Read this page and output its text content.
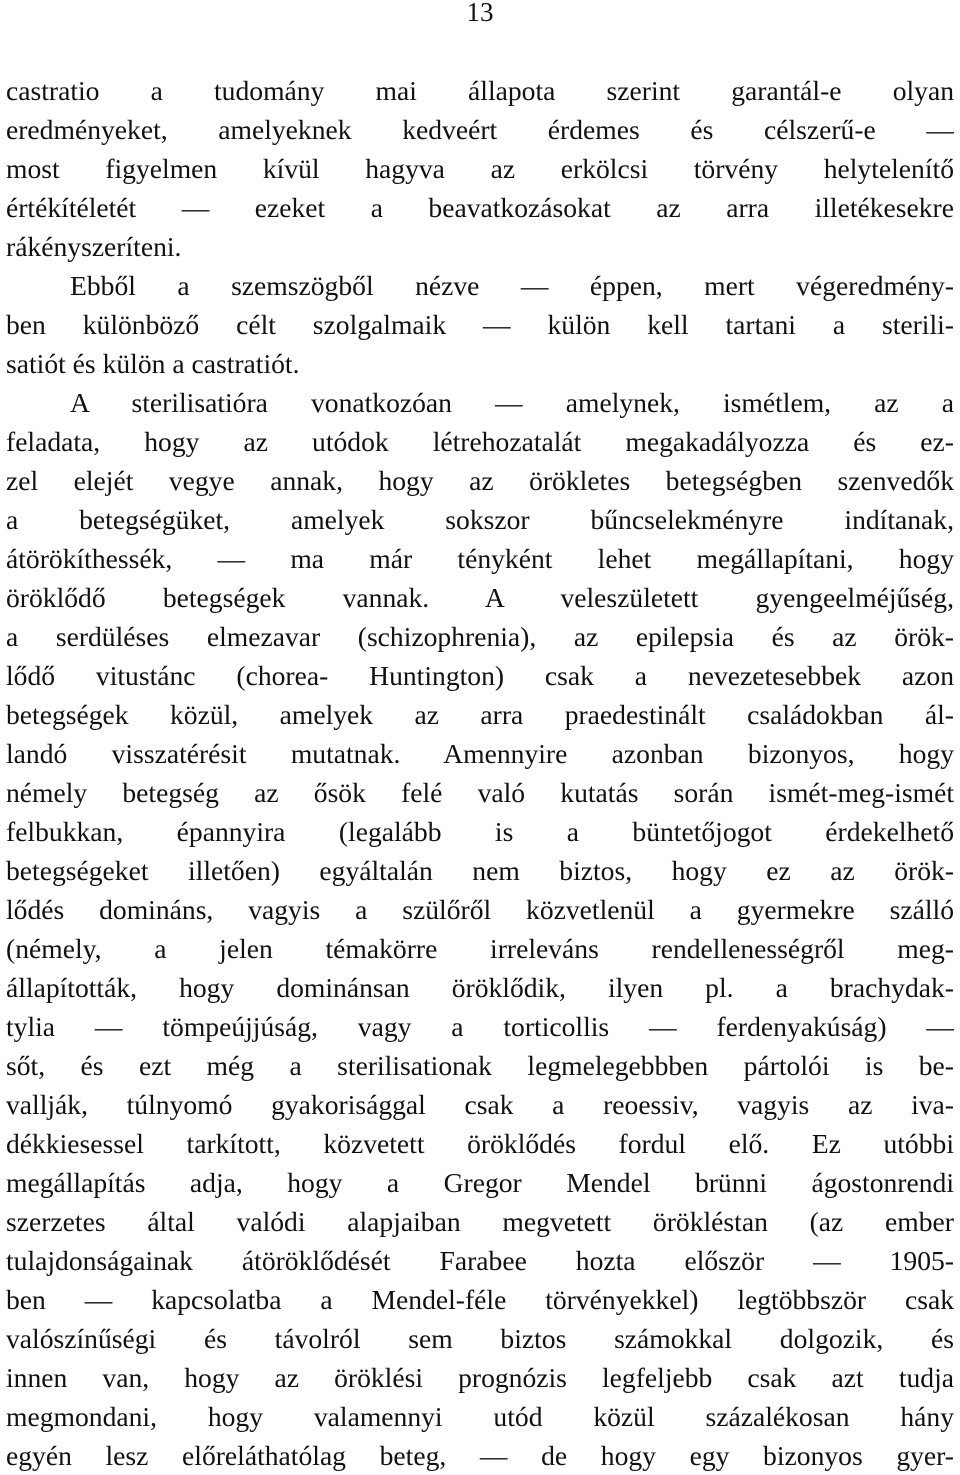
13
castratio a tudomány mai állapota szerint garantál-e olyan
eredményeket, amelyeknek kedveért érdemes és célszerű-e —
most figyelmen kívül hagyva az erkölcsi törvény helytelenítő
értékítéletét — ezeket a beavatkozásokat az arra illetékesekre
rákényszeríteni.
Ebből a szemszögből nézve — éppen, mert végeredmény-
ben különböző célt szolgalmaik — külön kell tartani a sterili-
satiót és külön a castratiót.
A sterilisatióra vonatkozóan — amelynek, ismétlem, az a
feladata, hogy az utódok létrehozatalát megakadályozza és ez-
zel elejét vegye annak, hogy az örökletes betegségben szenvedők
a betegségüket, amelyek sokszor bűncselekményre indítanak,
átörökíthessék, — ma már tényként lehet megállapítani, hogy
öröklődő betegségek vannak. A veleszületett gyengeelméjűség,
a serdüléses elmezavar (schizophrenia), az epilepsia és az örök-
lődő vitustánc (chorea- Huntington) csak a nevezetesebbek azon
betegségek közül, amelyek az arra praedestinált családokban ál-
landó visszatérésit mutatnak. Amennyire azonban bizonyos, hogy
némely betegség az ősök felé való kutatás során ismét-meg-ismét
felbukkan, épannyira (legalább is a büntetőjogot érdekelhető
betegségeket illetően) egyáltalán nem biztos, hogy ez az örök-
lődés domináns, vagyis a szülőről közvetlenül a gyermekre szálló
(némely, a jelen témakörre irreleváns rendellenességről meg-
állapították, hogy dominánsan öröklődik, ilyen pl. a brachydak-
tylia — tömpeújjúság, vagy a torticollis — ferdenyakúság) —
sőt, és ezt még a sterilisationak legmelegebbben pártolói is be-
vallják, túlnyomó gyakorisággal csak a reoessiv, vagyis az iva-
dékkiesessel tarkított, közvetett öröklődés fordul elő. Ez utóbbi
megállapítás adja, hogy a Gregor Mendel brünni ágostonrendi
szerzetes által valódi alapjaiban megvetett örökléstan (az ember
tulajdonságainak átöröklődését Farabee hozta először — 1905-
ben — kapcsolatba a Mendel-féle törvényekkel) legtöbbször csak
valószínűségi és távolról sem biztos számokkal dolgozik, és
innen van, hogy az öröklési prognózis legfeljebb csak azt tudja
megmondani, hogy valamennyi utód közül százalékosan hány
egyén lesz előreláthatólag beteg, — de hogy egy bizonyos gyer-
